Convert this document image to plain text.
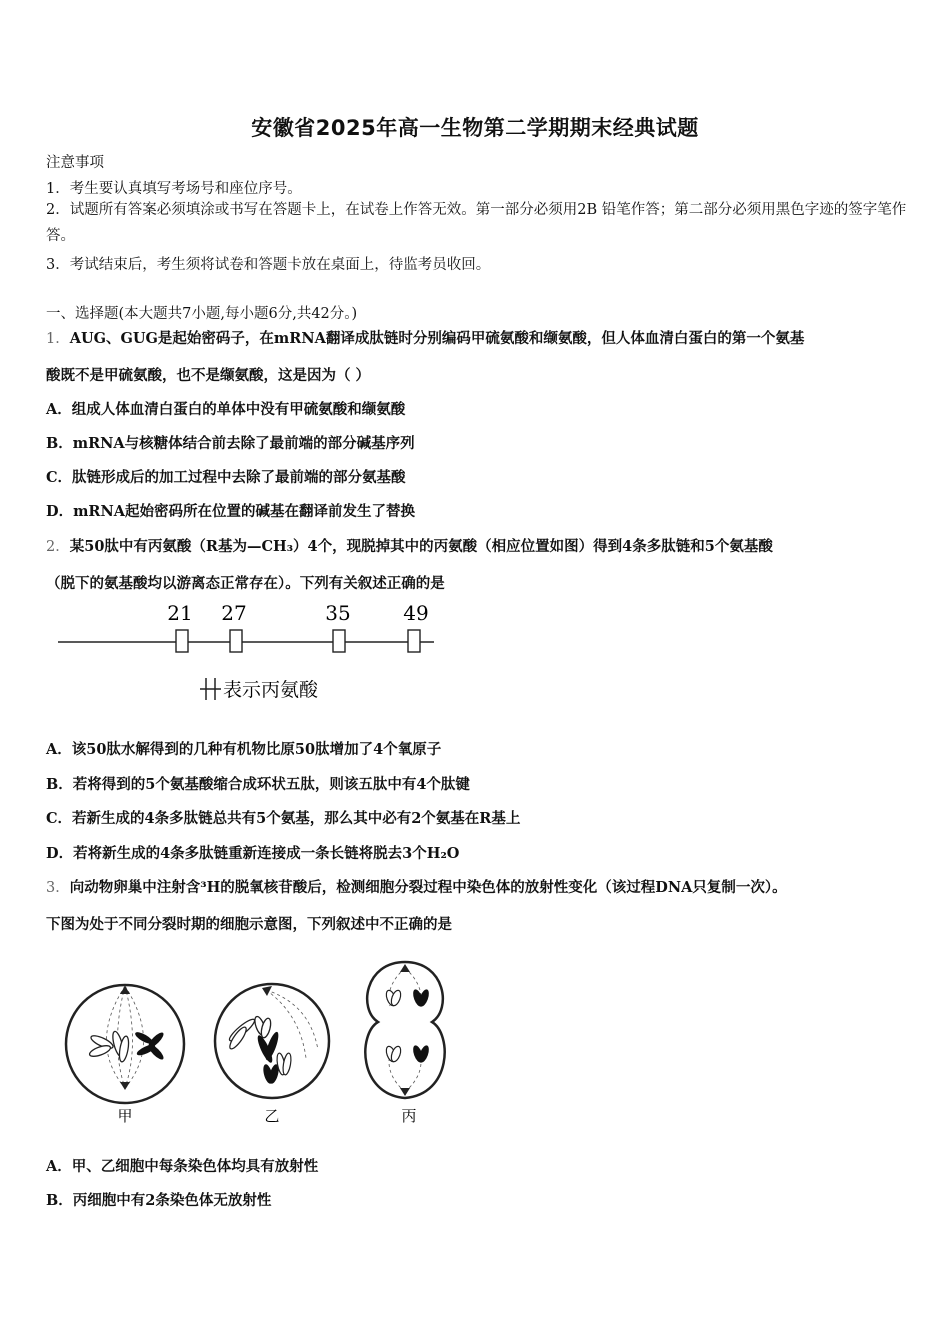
安徽省2025年高一生物第二学期期末经典试题
注意事项
1．考生要认真填写考场号和座位序号。
2．试题所有答案必须填涂或书写在答题卡上，在试卷上作答无效。第一部分必须用2B 铅笔作答；第二部分必须用黑色字迹的签字笔作答。
3．考试结束后，考生须将试卷和答题卡放在桌面上，待监考员收回。
一、选择题(本大题共7小题,每小题6分,共42分。)
1．AUG、GUG是起始密码子，在mRNA翻译成肽链时分别编码甲硫氨酸和缬氨酸，但人体血清白蛋白的第一个氨基
酸既不是甲硫氨酸，也不是缬氨酸，这是因为（ ）
A．组成人体血清白蛋白的单体中没有甲硫氨酸和缬氨酸
B．mRNA与核糖体结合前去除了最前端的部分碱基序列
C．肽链形成后的加工过程中去除了最前端的部分氨基酸
D．mRNA起始密码所在位置的碱基在翻译前发生了替换
2．某50肽中有丙氨酸（R基为—CH₃）4个，现脱掉其中的丙氨酸（相应位置如图）得到4条多肽链和5个氨基酸
（脱下的氨基酸均以游离态正常存在）。下列有关叙述正确的是
21 27	35	49
表示丙氨酸
A．该50肽水解得到的几种有机物比原50肽增加了4个氧原子
B．若将得到的5个氨基酸缩合成环状五肽，则该五肽中有4个肽键
C．若新生成的4条多肽链总共有5个氨基，那么其中必有2个氨基在R基上
D．若将新生成的4条多肽链重新连接成一条长链将脱去3个H₂O
3．向动物卵巢中注射含³H的脱氧核苷酸后，检测细胞分裂过程中染色体的放射性变化（该过程DNA只复制一次）。
下图为处于不同分裂时期的细胞示意图，下列叙述中不正确的是
甲	乙	丙
A．甲、乙细胞中每条染色体均具有放射性
B．丙细胞中有2条染色体无放射性
